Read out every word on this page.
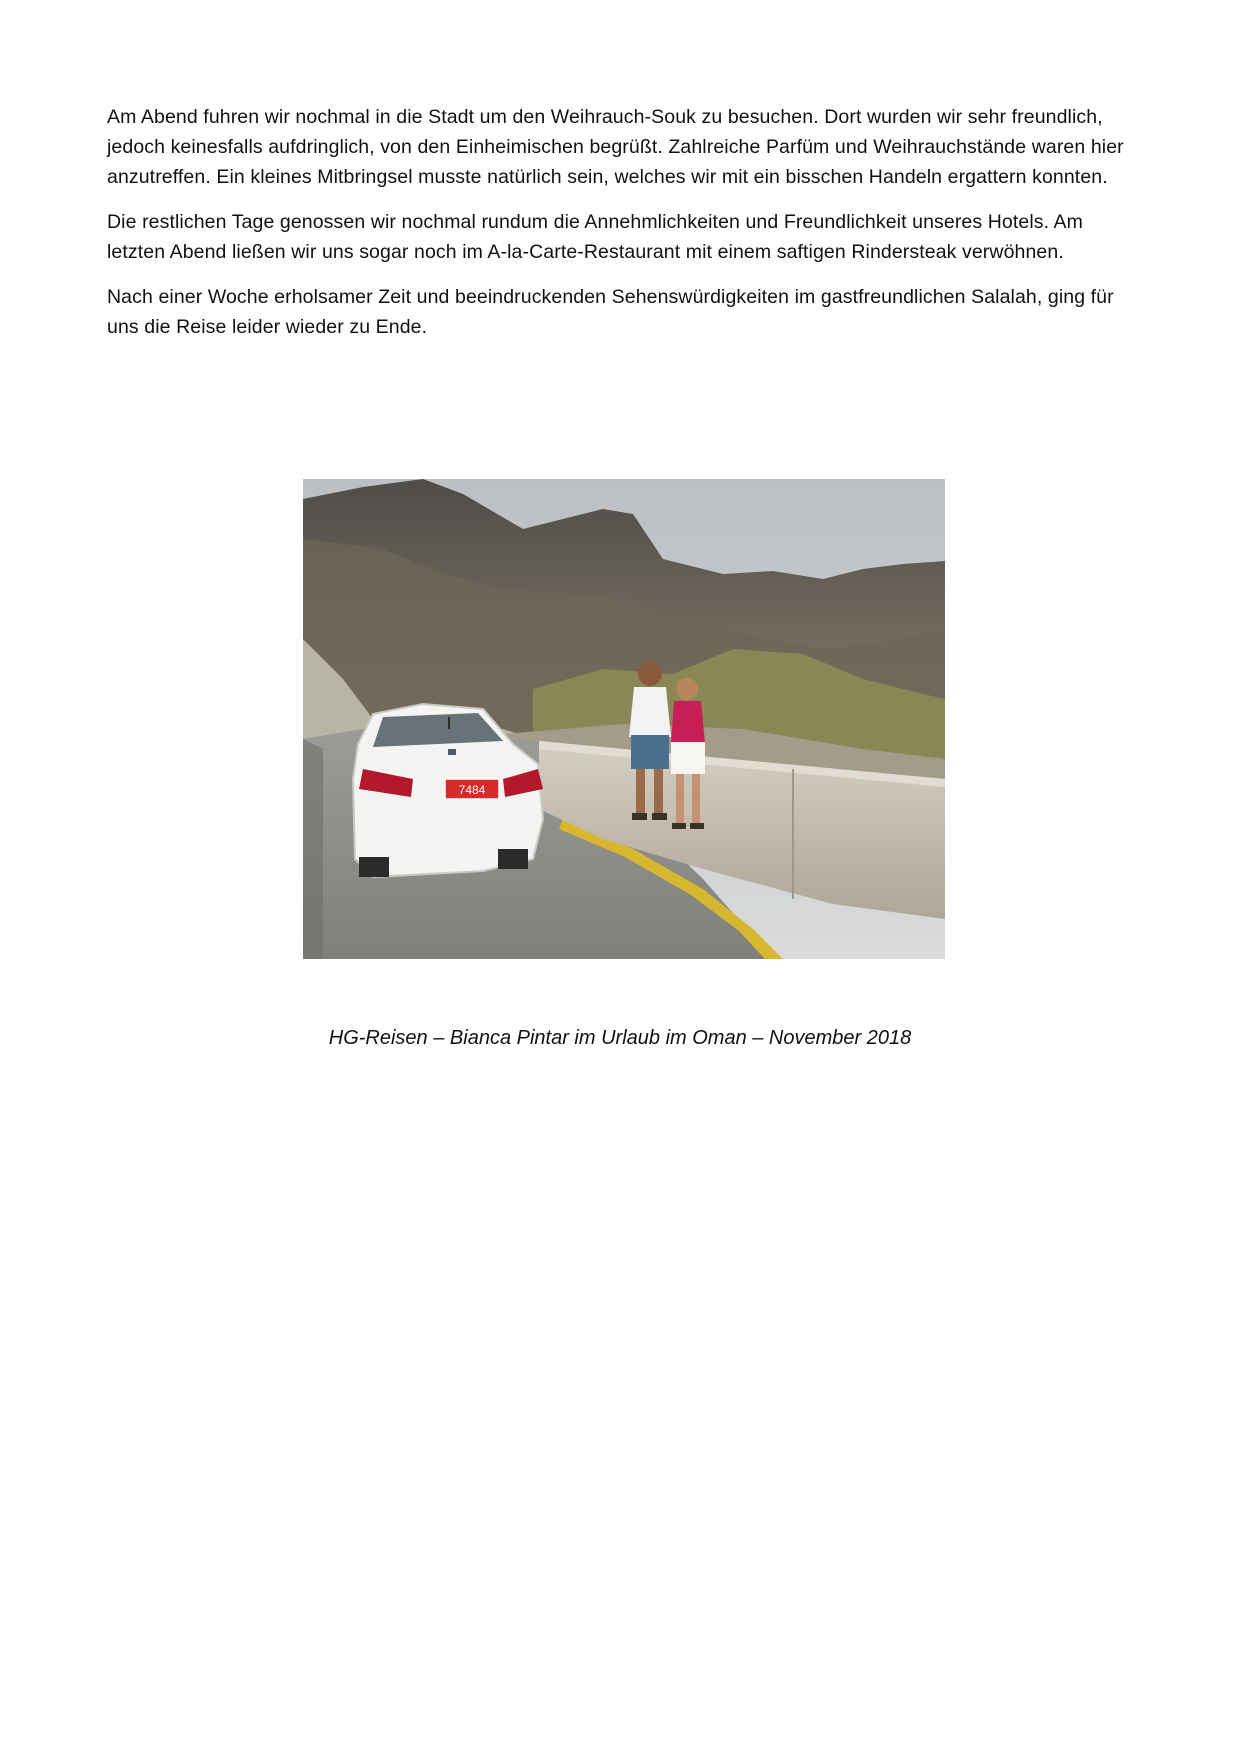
Am Abend fuhren wir nochmal in die Stadt um den Weihrauch-Souk zu besuchen. Dort wurden wir sehr freundlich, jedoch keinesfalls aufdringlich, von den Einheimischen begrüßt. Zahlreiche Parfüm und Weihrauchstände waren hier anzutreffen. Ein kleines Mitbringsel musste natürlich sein, welches wir mit ein bisschen Handeln ergattern konnten.

Die restlichen Tage genossen wir nochmal rundum die Annehmlichkeiten und Freundlichkeit unseres Hotels. Am letzten Abend ließen wir uns sogar noch im A-la-Carte-Restaurant mit einem saftigen Rindersteak verwöhnen.

Nach einer Woche erholsamer Zeit und beeindruckenden Sehenswürdigkeiten im gastfreundlichen Salalah, ging für uns die Reise leider wieder zu Ende.

7484
HG-Reisen – Bianca Pintar im Urlaub im Oman – November 2018
